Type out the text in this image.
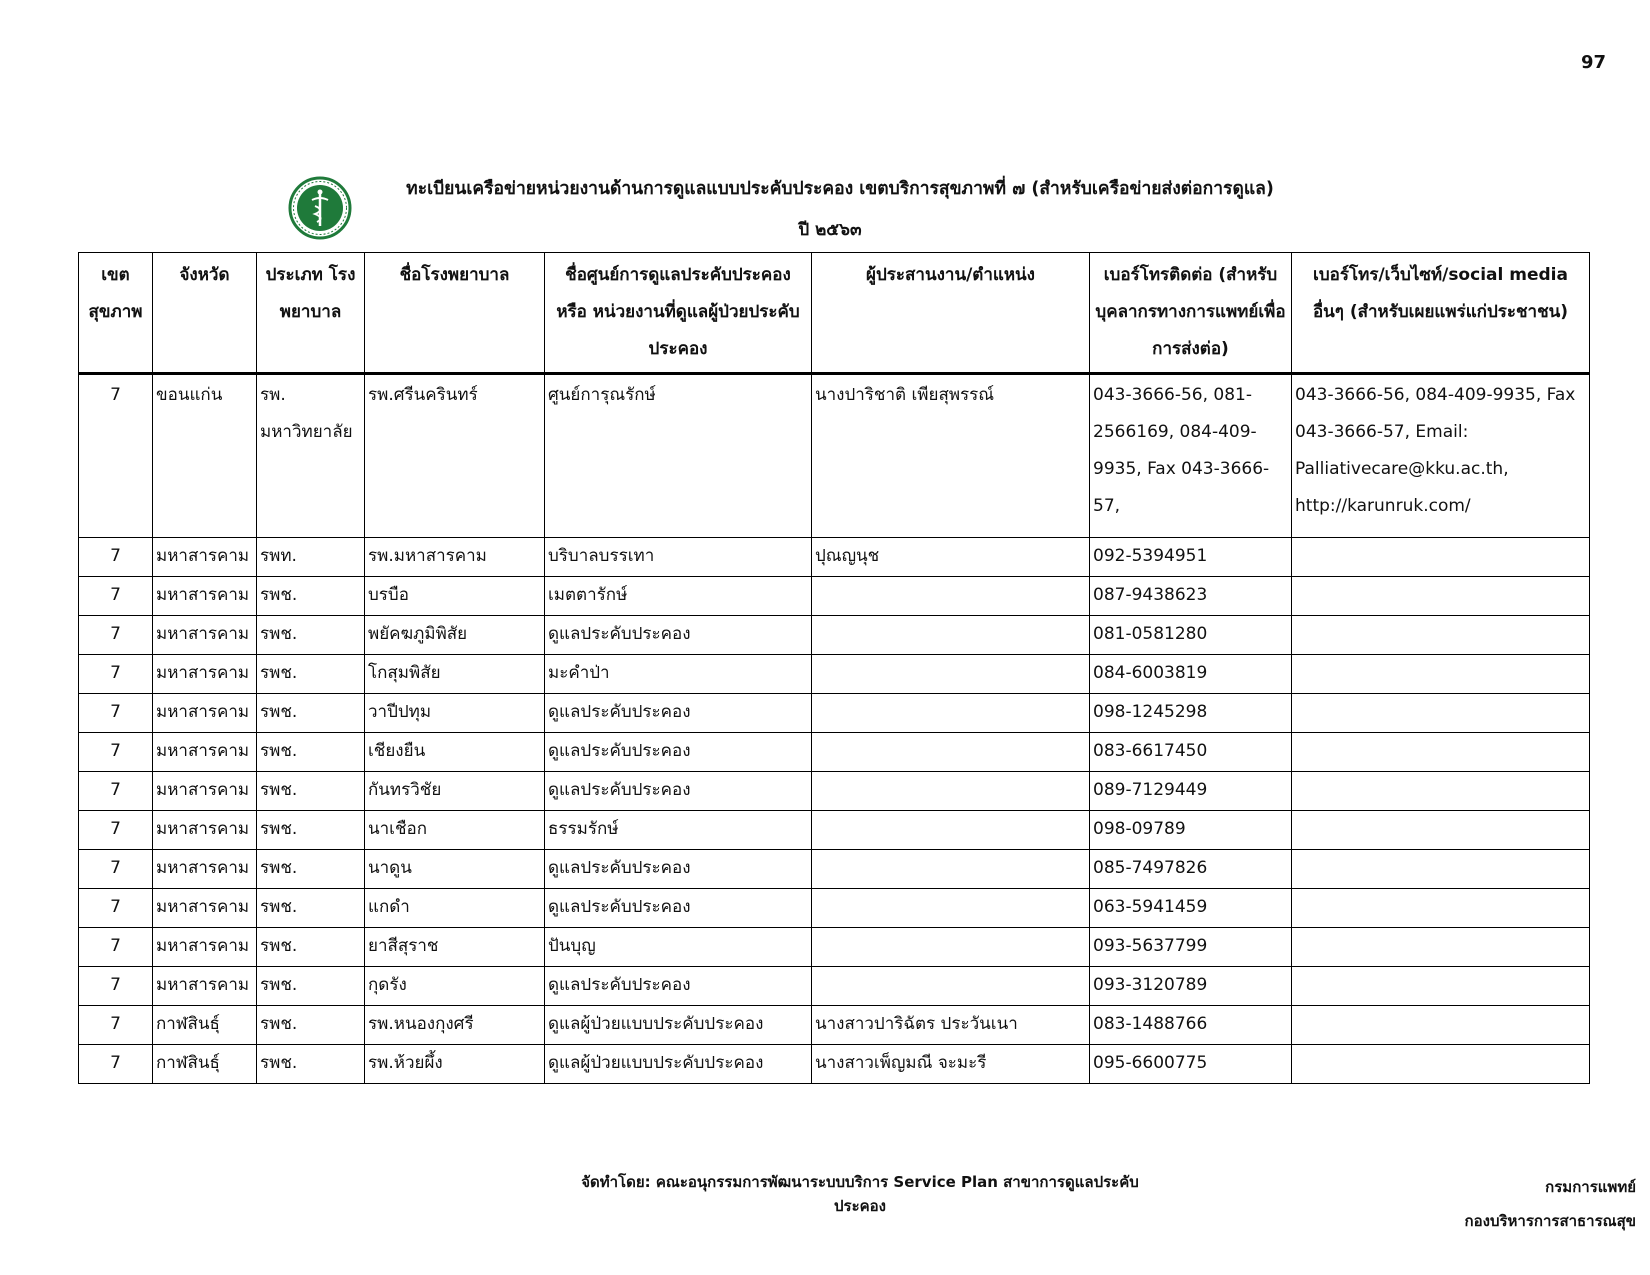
97
ทะเบียนเครือข่ายหน่วยงานด้านการดูแลแบบประคับประคอง เขตบริการสุขภาพที่ ๗ (สำหรับเครือข่ายส่งต่อการดูแล)
ปี ๒๕๖๓
เขต สุขภาพ	จังหวัด	ประเภท โรงพยาบาล	ชื่อโรงพยาบาล	ชื่อศูนย์การดูแลประคับประคอง หรือ หน่วยงานที่ดูแลผู้ป่วยประคับประคอง	ผู้ประสานงาน/ตำแหน่ง	เบอร์โทรติดต่อ (สำหรับบุคลากรทางการแพทย์เพื่อการส่งต่อ)	เบอร์โทร/เว็บไซท์/social media อื่นๆ (สำหรับเผยแพร่แก่ประชาชน)
7	ขอนแก่น	รพ. มหาวิทยาลัย	รพ.ศรีนครินทร์	ศูนย์การุณรักษ์	นางปาริชาติ เพียสุพรรณ์	043-3666-56, 081-2566169, 084-409-9935, Fax 043-3666-57,	043-3666-56, 084-409-9935, Fax 043-3666-57, Email: Palliativecare@kku.ac.th, http://karunruk.com/
7	มหาสารคาม	รพท.	รพ.มหาสารคาม	บริบาลบรรเทา	ปุณญนุช	092-5394951	
7	มหาสารคาม	รพช.	บรบือ	เมตตารักษ์		087-9438623	
7	มหาสารคาม	รพช.	พยัคฆภูมิพิสัย	ดูแลประคับประคอง		081-0581280	
7	มหาสารคาม	รพช.	โกสุมพิสัย	มะคำป่า		084-6003819	
7	มหาสารคาม	รพช.	วาปีปทุม	ดูแลประคับประคอง		098-1245298	
7	มหาสารคาม	รพช.	เชียงยืน	ดูแลประคับประคอง		083-6617450	
7	มหาสารคาม	รพช.	กันทรวิชัย	ดูแลประคับประคอง		089-7129449	
7	มหาสารคาม	รพช.	นาเชือก	ธรรมรักษ์		098-09789	
7	มหาสารคาม	รพช.	นาดูน	ดูแลประคับประคอง		085-7497826	
7	มหาสารคาม	รพช.	แกดำ	ดูแลประคับประคอง		063-5941459	
7	มหาสารคาม	รพช.	ยาสีสุราช	ปันบุญ		093-5637799	
7	มหาสารคาม	รพช.	กุดรัง	ดูแลประคับประคอง		093-3120789	
7	กาฬสินธุ์	รพช.	รพ.หนองกุงศรี	ดูแลผู้ป่วยแบบประคับประคอง	นางสาวปาริฉัตร ประวันเนา	083-1488766	
7	กาฬสินธุ์	รพช.	รพ.ห้วยผึ้ง	ดูแลผู้ป่วยแบบประคับประคอง	นางสาวเพ็ญมณี จะมะรี	095-6600775	
จัดทำโดย: คณะอนุกรรมการพัฒนาระบบบริการ Service Plan สาขาการดูแลประคับประคอง
กรมการแพทย์
กองบริหารการสาธารณสุข
